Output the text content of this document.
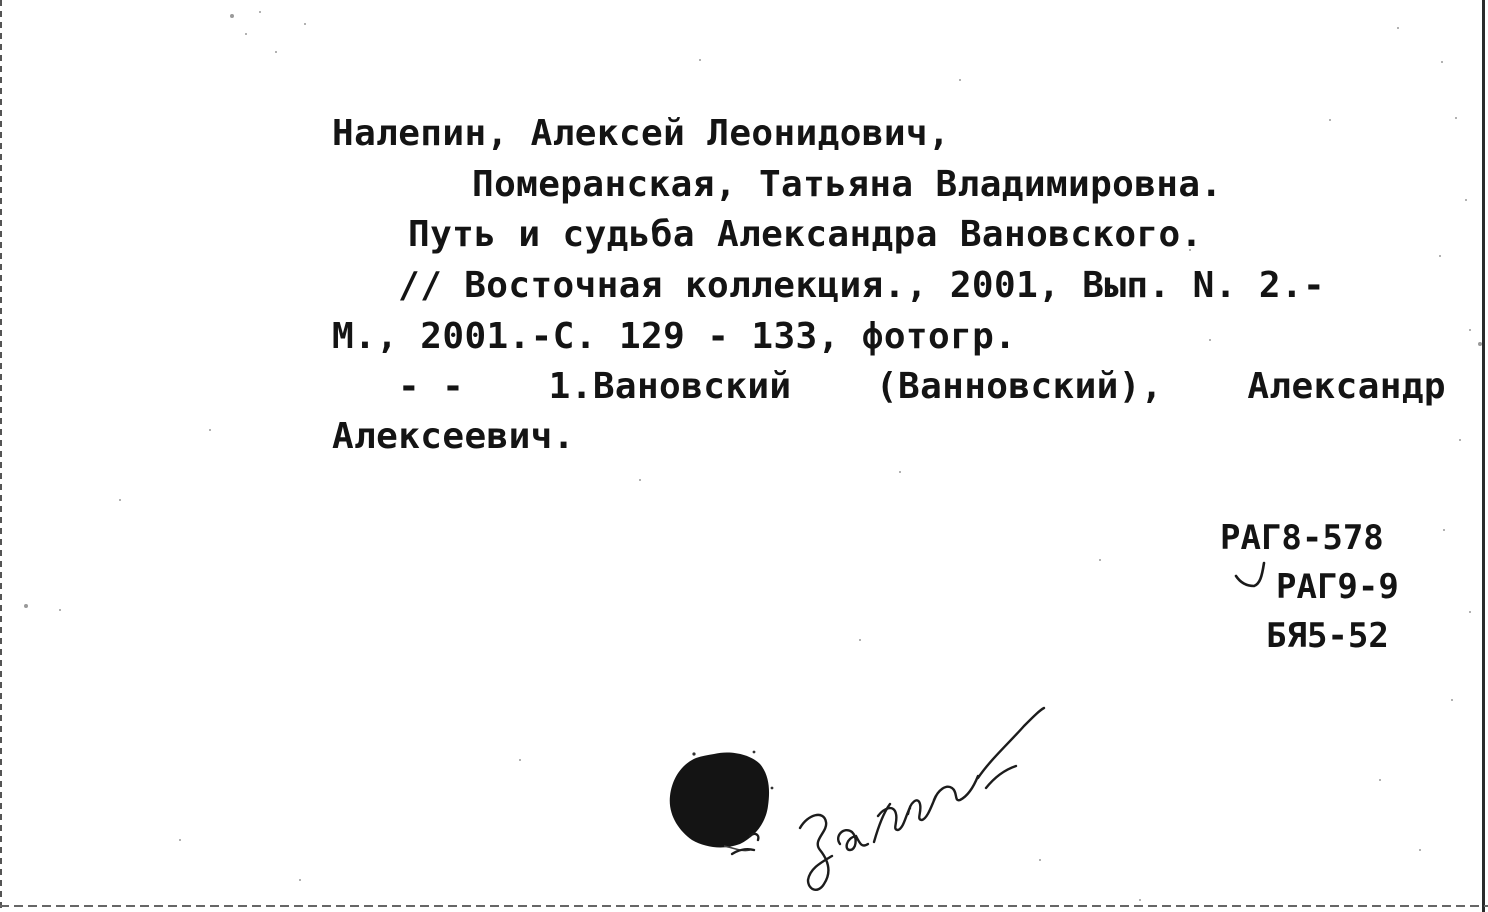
Налепин, Алексей Леонидович,

Померанская, Татьяна Владимировна.

Путь и судьба Александра Вановского.

// Восточная коллекция., 2001, Вып. N. 2.-

М., 2001.-С. 129 - 133, фотогр.

- - 1.Вановский (Ванновский), Александр

Алексеевич.

РАГ8-578

РАГ9-9

БЯ5-52
